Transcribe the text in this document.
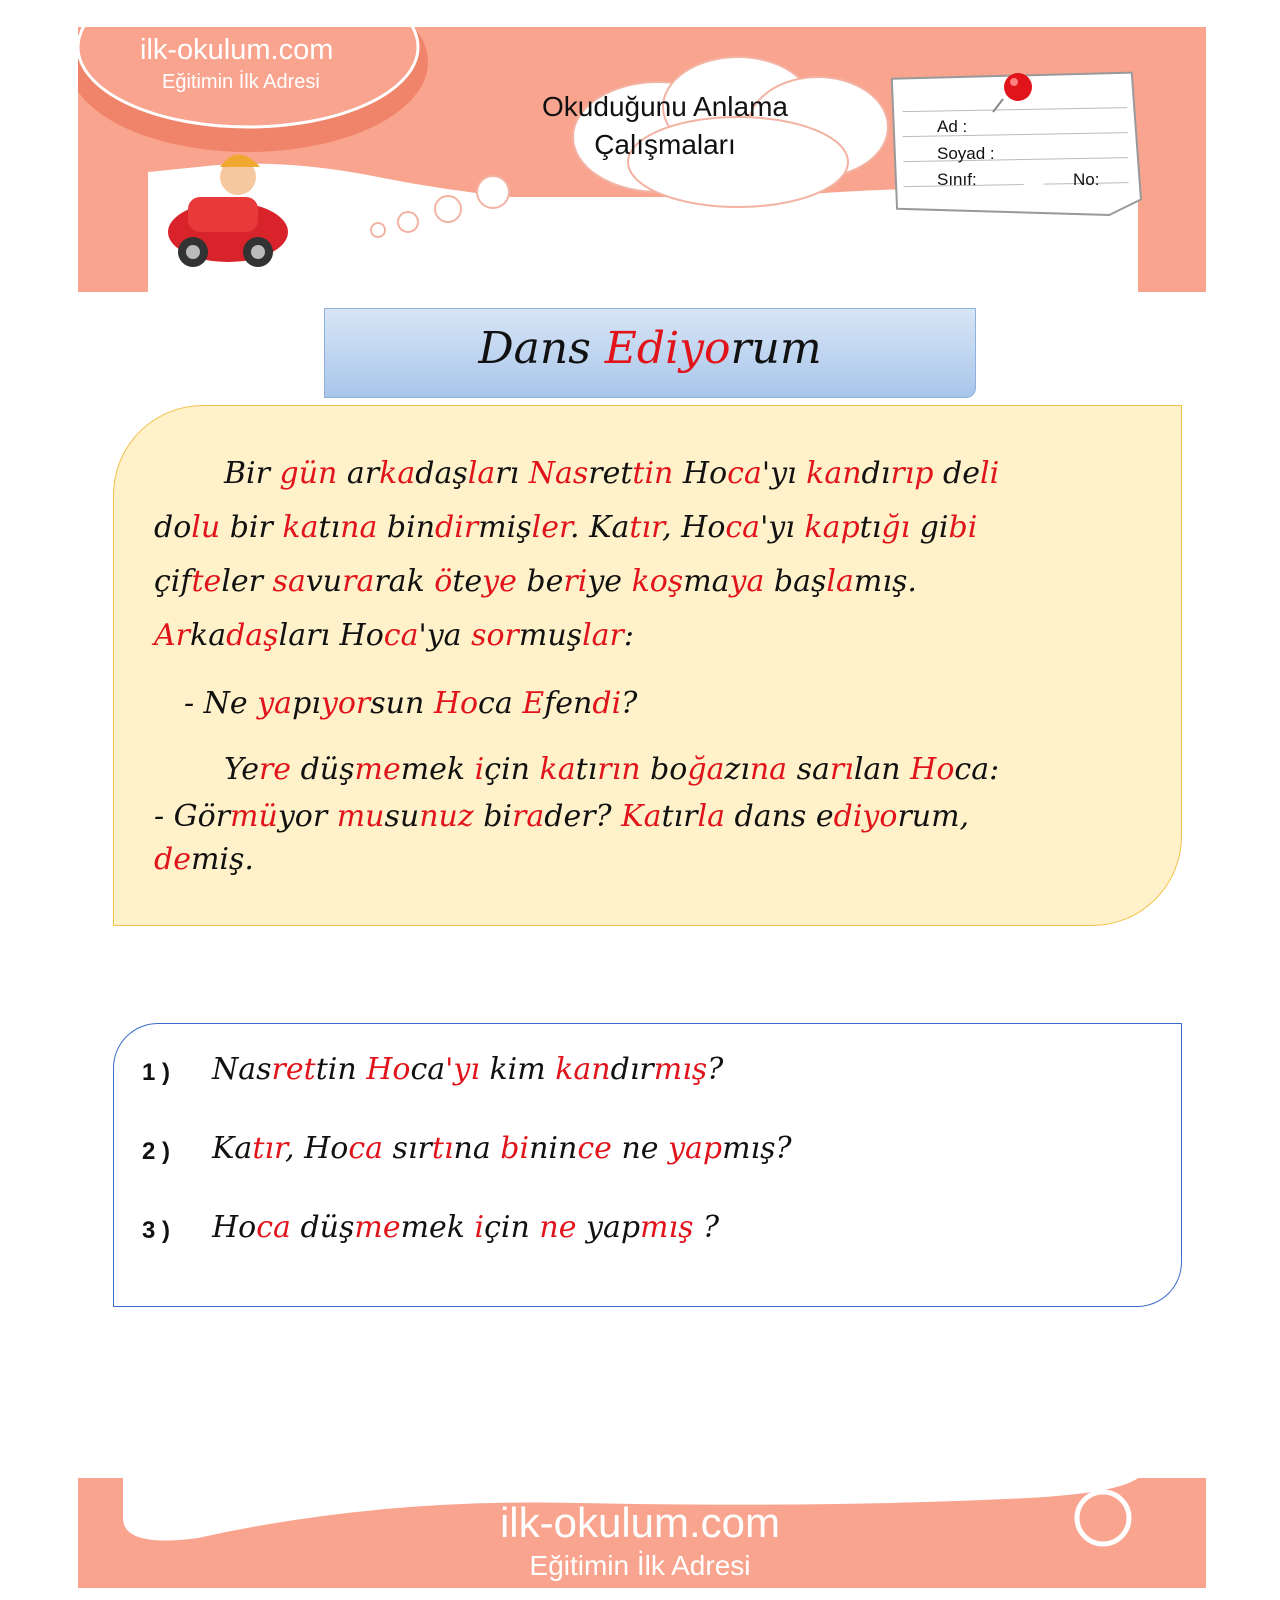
ilk-okulum.com
Eğitimin İlk Adresi
Okuduğunu Anlama
Çalışmaları
Ad :
Soyad :
Sınıf:	No:
Dans Ediyorum
Bir gün arkadaşları Nasrettin Hoca'yı kandırıp deli
dolu bir katına bindirmişler. Katır, Hoca'yı kaptığı gibi
çifteler savurarak öteye beriye koşmaya başlamış.
Arkadaşları Hoca'ya sormuşlar:
- Ne yapıyorsun Hoca Efendi?
Yere düşmemek için katırın boğazına sarılan Hoca:
- Görmüyor musunuz birader? Katırla dans ediyorum,
demiş.
1 ) Nasrettin Hoca'yı kim kandırmış?
2 ) Katır, Hoca sırtına binince ne yapmış?
3 ) Hoca düşmemek için ne yapmış ?
ilk-okulum.com
Eğitimin İlk Adresi
